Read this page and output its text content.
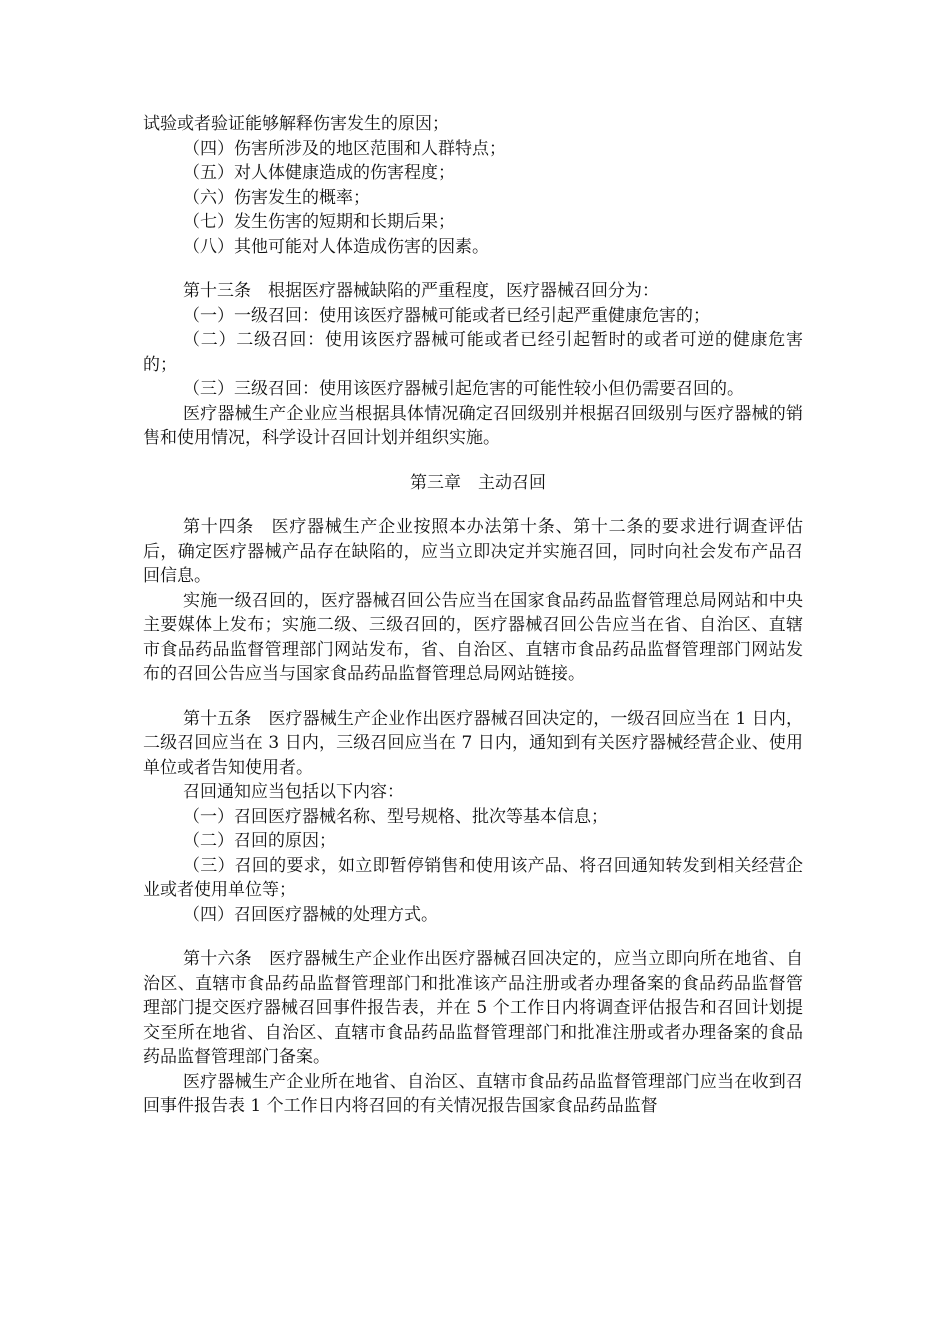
试验或者验证能够解释伤害发生的原因；

（四）伤害所涉及的地区范围和人群特点；

（五）对人体健康造成的伤害程度；

（六）伤害发生的概率；

（七）发生伤害的短期和长期后果；

（八）其他可能对人体造成伤害的因素。

第十三条　根据医疗器械缺陷的严重程度，医疗器械召回分为：

（一）一级召回：使用该医疗器械可能或者已经引起严重健康危害的；

（二）二级召回：使用该医疗器械可能或者已经引起暂时的或者可逆的健康危害的；

（三）三级召回：使用该医疗器械引起危害的可能性较小但仍需要召回的。

医疗器械生产企业应当根据具体情况确定召回级别并根据召回级别与医疗器械的销售和使用情况，科学设计召回计划并组织实施。

第三章　主动召回

第十四条　医疗器械生产企业按照本办法第十条、第十二条的要求进行调查评估后，确定医疗器械产品存在缺陷的，应当立即决定并实施召回，同时向社会发布产品召回信息。

实施一级召回的，医疗器械召回公告应当在国家食品药品监督管理总局网站和中央主要媒体上发布；实施二级、三级召回的，医疗器械召回公告应当在省、自治区、直辖市食品药品监督管理部门网站发布，省、自治区、直辖市食品药品监督管理部门网站发布的召回公告应当与国家食品药品监督管理总局网站链接。

第十五条　医疗器械生产企业作出医疗器械召回决定的，一级召回应当在 1 日内，二级召回应当在 3 日内，三级召回应当在 7 日内，通知到有关医疗器械经营企业、使用单位或者告知使用者。

召回通知应当包括以下内容：

（一）召回医疗器械名称、型号规格、批次等基本信息；

（二）召回的原因；

（三）召回的要求，如立即暂停销售和使用该产品、将召回通知转发到相关经营企业或者使用单位等；

（四）召回医疗器械的处理方式。

第十六条　医疗器械生产企业作出医疗器械召回决定的，应当立即向所在地省、自治区、直辖市食品药品监督管理部门和批准该产品注册或者办理备案的食品药品监督管理部门提交医疗器械召回事件报告表，并在 5 个工作日内将调查评估报告和召回计划提交至所在地省、自治区、直辖市食品药品监督管理部门和批准注册或者办理备案的食品药品监督管理部门备案。

医疗器械生产企业所在地省、自治区、直辖市食品药品监督管理部门应当在收到召回事件报告表 1 个工作日内将召回的有关情况报告国家食品药品监督
